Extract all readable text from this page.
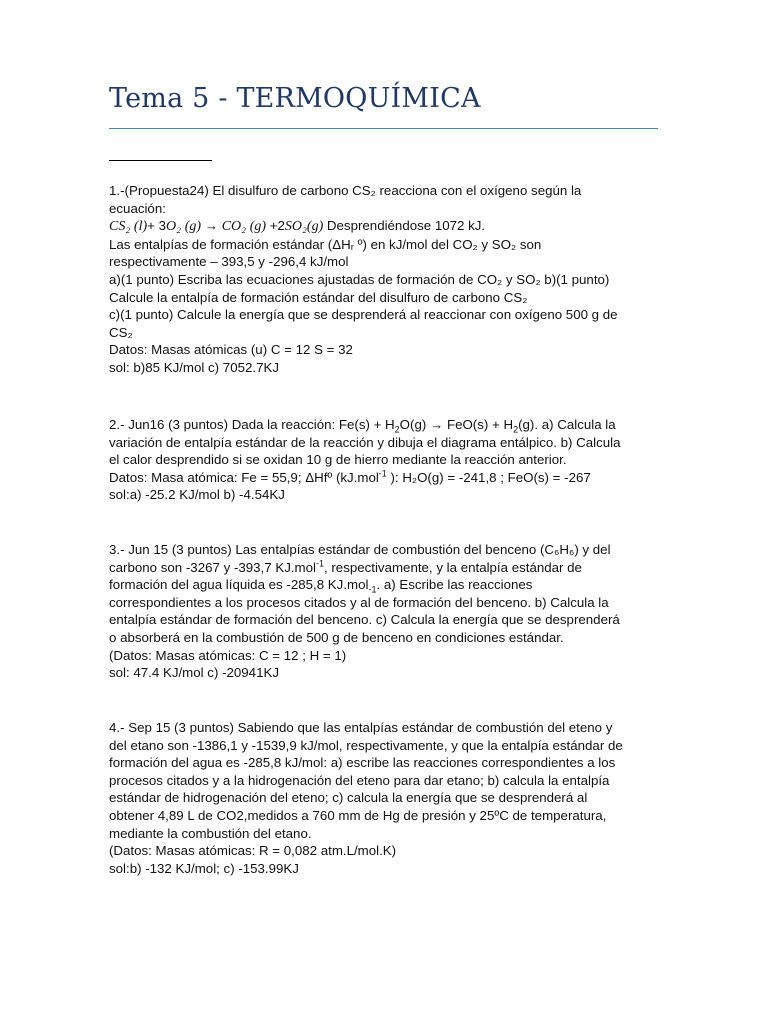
Tema 5 - TERMOQUÍMICA
1.-(Propuesta24) El disulfuro de carbono CS₂ reacciona con el oxígeno según la
ecuación:
CS₂ (l)+ 3O₂ (g) → CO₂ (g) +2SO₂(g) Desprendiéndose 1072 kJ.
Las entalpías de formación estándar (ΔHᵣ º) en kJ/mol del CO₂ y SO₂ son
respectivamente – 393,5 y -296,4 kJ/mol
a)(1 punto) Escriba las ecuaciones ajustadas de formación de CO₂ y SO₂ b)(1 punto)
Calcule la entalpía de formación estándar del disulfuro de carbono CS₂
c)(1 punto) Calcule la energía que se desprenderá al reaccionar con oxígeno 500 g de
CS₂
Datos: Masas atómicas (u) C = 12 S = 32
sol: b)85 KJ/mol c) 7052.7KJ
2.- Jun16 (3 puntos) Dada la reacción: $Fe(s) + H_2O(g) \to FeO(s) + H_2(g)$. a) Calcula la
variación de entalpía estándar de la reacción y dibuja el diagrama entálpico. b) Calcula
el calor desprendido si se oxidan 10 g de hierro mediante la reacción anterior.
Datos: Masa atómica: Fe = 55,9; ΔHfº (kJ.mol$^{-1}$ ): H₂O(g) = -241,8 ; FeO(s) = -267
sol:a) -25.2 KJ/mol b) -4.54KJ
3.- Jun 15 (3 puntos) Las entalpías estándar de combustión del benceno (C₆H₆) y del
carbono son -3267 y -393,7 KJ.mol$^{-1}$, respectivamente, y la entalpía estándar de
formación del agua líquida es -285,8 KJ.mol$_{-1}$. a) Escribe las reacciones
correspondientes a los procesos citados y al de formación del benceno. b) Calcula la
entalpía estándar de formación del benceno. c) Calcula la energía que se desprenderá
o absorberá en la combustión de 500 g de benceno en condiciones estándar.
(Datos: Masas atómicas: C = 12 ; H = 1)
sol: 47.4 KJ/mol c) -20941KJ
4.- Sep 15 (3 puntos) Sabiendo que las entalpías estándar de combustión del eteno y
del etano son -1386,1 y -1539,9 kJ/mol, respectivamente, y que la entalpía estándar de
formación del agua es -285,8 kJ/mol: a) escribe las reacciones correspondientes a los
procesos citados y a la hidrogenación del eteno para dar etano; b) calcula la entalpía
estándar de hidrogenación del eteno; c) calcula la energía que se desprenderá al
obtener 4,89 L de CO2,medidos a 760 mm de Hg de presión y 25ºC de temperatura,
mediante la combustión del etano.
(Datos: Masas atómicas: R = 0,082 atm.L/mol.K)
sol:b) -132 KJ/mol; c) -153.99KJ
